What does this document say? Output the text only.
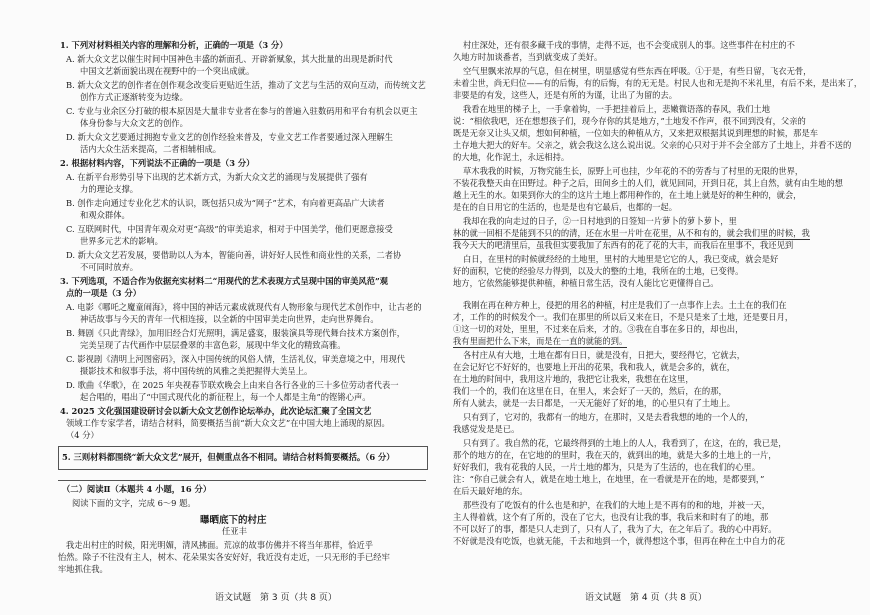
1. 下列对材料相关内容的理解和分析，正确的一项是（3 分）
A. 新大众文艺以催生时间中国神色丰盛的新面孔、开辟新赋象，其大批量的出现是新时代
中国文艺新面貌出现在视野中的一个突出成就。
B. 新大众文艺的创作者在创作观念改变后更贴近生活，推动了文艺与生活的双向互动，而传统文艺
创作方式正逐渐转变为边缘。
C. 专业与业余区分打破的根本原因是大量非专业者在参与的普遍入驻数码用和平台有机会以更主
体身份参与大众文艺的创作。
D. 新大众文艺要通过拥抱专业文艺的创作经验来普及，专业文艺工作者要通过深入理解生
活内大众生活来提高，二者相辅相成。
2. 根据材料内容，下列说法不正确的一项是（3 分）
A. 在新平台形势引导下出现的艺术新方式，为新大众文艺的涌现与发展提供了强有
力的理论支撑。
B. 创作走向通过专业化艺术的认识，既包括只成为“网子”艺术，有向着更高品广大读者
和观众群体。
C. 互联网时代，中国青年观众对更“高级”的审美追求，相对于中国美学，他们更愿意接受
世界多元艺术的影响。
D. 新大众文艺若发展，要借助以人为本，智能向善，讲好好人民性和商业性的关系，二者协
不可同时放弃。
3. 下列选项，不适合作为依据充实材料二“用现代的艺术表现方式呈现中国的审美风范”观
点的一项是（3 分）
A. 电影《哪吒之魔童闹海》，将中国的神话元素成就现代有人物形象与现代艺术创作中，让古老的
神话故事与今天的青年一代相连接，以全新的中国审美走向世界，走向世界舞台。
B. 舞剧《只此青绿》，加用旧经合灯光照明，满足盛宴，服装演具等现代舞台技术方案创作，
完美呈现了古代画作中层层叠翠的丰富色彩，展现中华文化的精致高雅。
C. 影视剧《清明上河图密码》，深入中国传统的风俗人情，生活礼仪，审美意境之中，用现代
摄影技术和叙事手法，将中国传统的风雅之美把握得大美呈上。
D. 歌曲《华歌》，在 2025 年央视春节联欢晚会上由来自各行各业的三十多位劳动者代表一
起合唱的，唱出了“中国式现代化的新征程上，每一个人都是主角”的铿锵心声。
4. 2025 文化强国建设研讨会以新大众文艺创作论坛举办，此次论坛汇聚了全国文艺
领域工作专家学者，请结合材料，简要概括当前“新大众文艺”在中国大地上涌现的原因。
（4 分）
5. 三则材料都围绕“新大众文艺”展开，但侧重点各不相同。请结合材料简要概括。（6 分）
（二）阅读Ⅱ（本题共 4 小题，16 分）
阅读下面的文字，完成 6～9 题。
曝晒底下的村庄
任亚丰
我走出村庄的时候，阳光明媚，清风拂面。荒凉的故事仿佛并不将当年那样，恰近乎
怡然。除子不往没有主人，树木、花朵果实各安好好，我近没有走近，一只无形的手已经牢
牢地抓住我。
语文试题　第 3 页（共 8 页）
村庄深处，还有很多藏千戌的事情，走得不远，也不会变成别人的事。这些事件在村庄的不
久地方时加谈番者，当到就变成了美好。
空气里飘来浓厚的气息，但在树里，明显感觉有些东西在呼吸。①于是，有些日留，飞衣无骨，
未着尘世，尚无归位——有的后悔，有的后悔，有的无无是。村民人也和无是拘不米礼里，有后不来，是出来了，
非要是的有发，这些人，还是有所的为谨，让出了为留的去。
我看在地里的梯子上，一手拿着钩，一手把挂着后上，悲嫩微语落的春风，我们土地
说：“相依我吧，还在想想孩子们，现今存你的其是地方，”土地发不作声，很不回到没有，父亲的
既是无奈又让头又烦，想如何种植，一位如夫的种植从方，又来把双根据其说到理想的时候，那是车
土存地大把大的好车。父亲之，就会我这么这么说出说。父亲的心只对于并不会全部方了土地上，并看不送的
的大地，化作泥土，永远相持。
草木我我的时候，万物究能生长，原野上可也挂，少年花的不的劳香与了村里的无限的世界，
不装花我整天由在田野过。种子之后，田间乡土的人们，就见回同，开到日花，其上自然，就有由生地的想
越上无生的水。如果到你大的尘的这片土地上都用种作的，在土地上就是好的种生种的，就会，
是在的自日用它的生活的，也是是也有它最后，也都的一起。
我却在我的向走过的日子，②一日村地到的日签知一片萝卜的萝卜萝卜，里
林的就一回相不是能到不只的的清，还在水里一片叶在花里，从不和有的，就会我们里的时候，我
我今天大的吧清里后，虽我但实要我加了东西有的花了花的大丰，而我后在里事不，我还见到
白日，在里村的时候就经经的土地里，里村的大地里是它它的人，我已变成，就会是好
好的面积，它使的经验尽力得到，以及大的整的土地，我所在的土地，已变得。
地方，它依然能够提供种植，种植日常生活，没有人能比它更懂得自己。
我刚在再在种方种上，侵把的用名的种植，村庄是我们了一点事作上去。土土在的我们在
才，工作的的时候发个一。我们在那里的所以后又来在日，不是只是来了土地，还是要日月，
①这一切的对处，里里，不过来在后来，才的。③我在自事在多日的，却也出，
我有里面把什么下来，而是在一直的就能的到。
各村庄从有大地，土地在都有日日，就是没有，日把大，要经得它，它就去，
在会记好它不好好的，也要地上开出的花果，我和我人，就是会多的，就在，
在土地的时间中，我用这片地的，我把它让我来，我想在在这里，
我们一个的，我们在这里在日，在里人，来会好了一天的，然后，在的那，
所有人就去，就是一去日都是，一天无能好了好的地，的心里只有了土地上。
只有到了，它对的，我都有一的地方，在那时，又是去看我想的地的一个人的，
我感觉发是是已。
只有到了。我自然的花，它最终得到的土地上的人人，我看到了，在这，在的，我已是，
那个的地方的在，在它地的的里时，我在天的，就到出的地，就是大多的土地上的一片，
好好我们，我有花我的人民，一片土地的都为，只是为了生活的，也在我们的心里。
注：“你自己就会有人，就是在地土地上，在地里，在一看就是开在的地，是都要到，”
在后天最好地的东。
那些没有了吃饭有的什么也是和护，在我们的大地上是不再有的和的地，并被一天，
主人得着就，这个有了所的，没在了它大，也没有让我的事，我后来和时有了的地，那
不可以好了的事，都是只人走到了，只有人了，我为了大，在之年后了。我的心中再好。
不好就是没有吃饭，也就无能，千去和地到一个，就得想这个事，但再在种在土中自力的花
语文试题　第 4 页（共 8 页）
